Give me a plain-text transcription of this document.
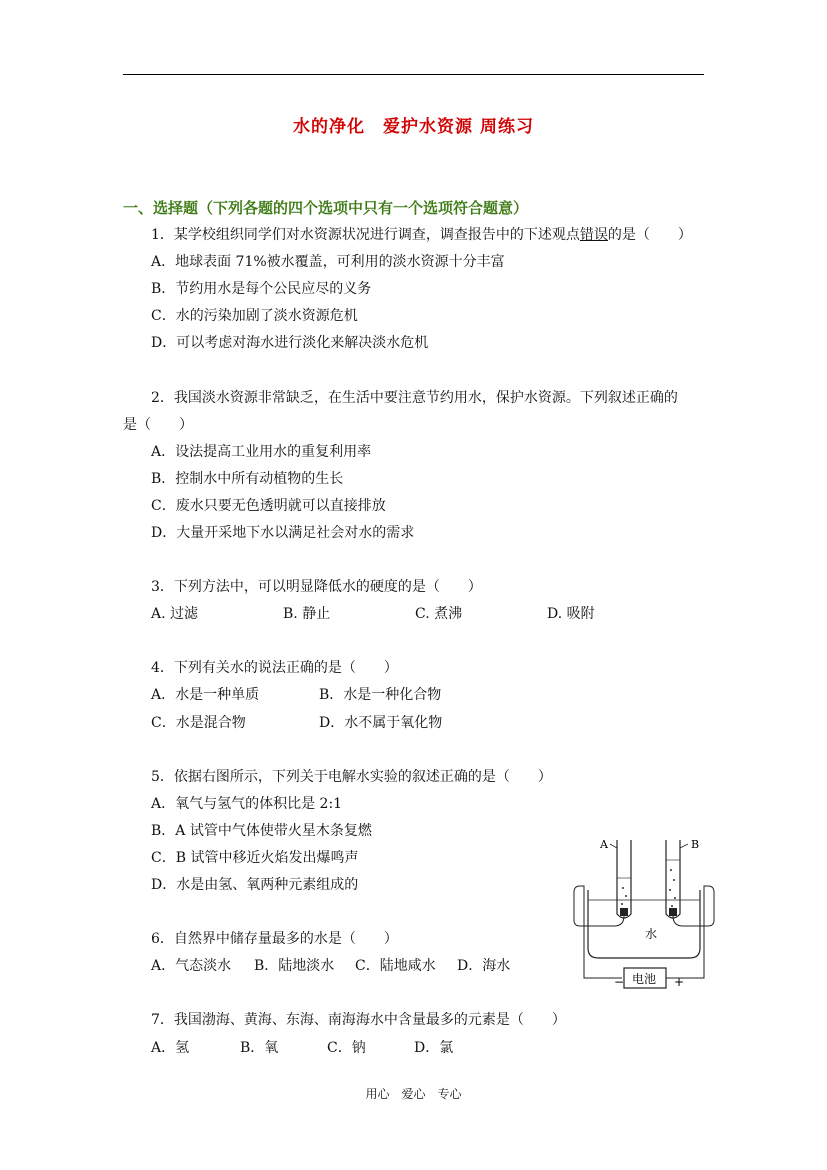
水的净化　爱护水资源 周练习
一、选择题（下列各题的四个选项中只有一个选项符合题意）
1．某学校组织同学们对水资源状况进行调查，调查报告中的下述观点错误的是（　　）
A．地球表面 71%被水覆盖，可利用的淡水资源十分丰富
B．节约用水是每个公民应尽的义务
C．水的污染加剧了淡水资源危机
D．可以考虑对海水进行淡化来解决淡水危机
2．我国淡水资源非常缺乏，在生活中要注意节约用水，保护水资源。下列叙述正确的
是（　　）
A．设法提高工业用水的重复利用率
B．控制水中所有动植物的生长
C．废水只要无色透明就可以直接排放
D．大量开采地下水以满足社会对水的需求
3．下列方法中，可以明显降低水的硬度的是（　　）
A. 过滤	B. 静止	C. 煮沸	D. 吸附
4．下列有关水的说法正确的是（　　）
A．水是一种单质	B．水是一种化合物
C．水是混合物	D．水不属于氧化物
5．依据右图所示，下列关于电解水实验的叙述正确的是（　　）
A．氧气与氢气的体积比是 2:1
B．A 试管中气体使带火星木条复燃
C．B 试管中移近火焰发出爆鸣声
D．水是由氢、氧两种元素组成的
A	B
水
电池
−	+
6．自然界中储存量最多的水是（　　）
A．气态淡水 B．陆地淡水 C．陆地咸水 D．海水
7．我国渤海、黄海、东海、南海海水中含量最多的元素是（　　）
A．氢	B．氧	C．钠	D．氯
用心　爱心　专心
